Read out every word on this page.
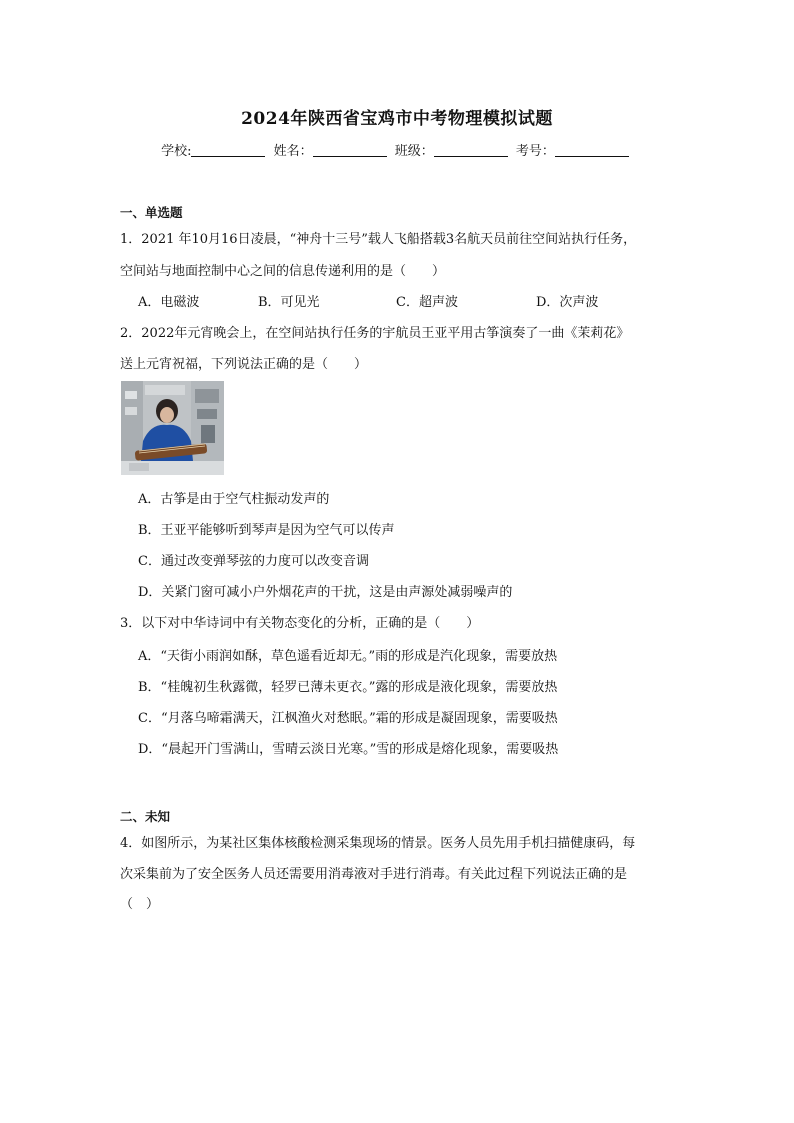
2024年陕西省宝鸡市中考物理模拟试题
学校:	姓名：	班级：	考号：
一、单选题
1．2021 年10月16日凌晨，“神舟十三号”载人飞船搭载3名航天员前往空间站执行任务，
空间站与地面控制中心之间的信息传递利用的是（　　）
A．电磁波	B．可见光	C．超声波	D．次声波
2．2022年元宵晚会上，在空间站执行任务的宇航员王亚平用古筝演奏了一曲《茉莉花》
送上元宵祝福，下列说法正确的是（　　）
A．古筝是由于空气柱振动发声的
B．王亚平能够听到琴声是因为空气可以传声
C．通过改变弹琴弦的力度可以改变音调
D．关紧门窗可减小户外烟花声的干扰，这是由声源处减弱噪声的
3．以下对中华诗词中有关物态变化的分析，正确的是（　　）
A．“天街小雨润如酥，草色遥看近却无。”雨的形成是汽化现象，需要放热
B．“桂魄初生秋露微，轻罗已薄未更衣。”露的形成是液化现象，需要放热
C．“月落乌啼霜满天，江枫渔火对愁眠。”霜的形成是凝固现象，需要吸热
D．“晨起开门雪满山，雪晴云淡日光寒。”雪的形成是熔化现象，需要吸热
二、未知
4．如图所示，为某社区集体核酸检测采集现场的情景。医务人员先用手机扫描健康码，每
次采集前为了安全医务人员还需要用消毒液对手进行消毒。有关此过程下列说法正确的是
（　）
